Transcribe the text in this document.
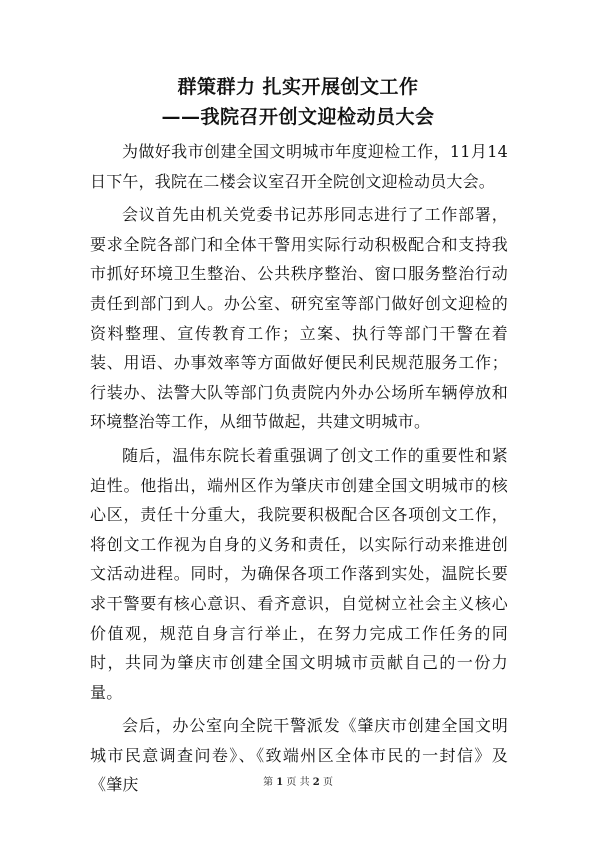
群策群力 扎实开展创文工作
——我院召开创文迎检动员大会

为做好我市创建全国文明城市年度迎检工作，11月14日下午，我院在二楼会议室召开全院创文迎检动员大会。

会议首先由机关党委书记苏彤同志进行了工作部署，要求全院各部门和全体干警用实际行动积极配合和支持我市抓好环境卫生整治、公共秩序整治、窗口服务整治行动责任到部门到人。办公室、研究室等部门做好创文迎检的资料整理、宣传教育工作；立案、执行等部门干警在着装、用语、办事效率等方面做好便民利民规范服务工作；行装办、法警大队等部门负责院内外办公场所车辆停放和环境整治等工作，从细节做起，共建文明城市。

随后，温伟东院长着重强调了创文工作的重要性和紧迫性。他指出，端州区作为肇庆市创建全国文明城市的核心区，责任十分重大，我院要积极配合区各项创文工作，将创文工作视为自身的义务和责任，以实际行动来推进创文活动进程。同时，为确保各项工作落到实处，温院长要求干警要有核心意识、看齐意识，自觉树立社会主义核心价值观，规范自身言行举止，在努力完成工作任务的同时，共同为肇庆市创建全国文明城市贡献自己的一份力量。

会后，办公室向全院干警派发《肇庆市创建全国文明城市民意调查问卷》、《致端州区全体市民的一封信》及《肇庆	第 1 页 共 2 页
